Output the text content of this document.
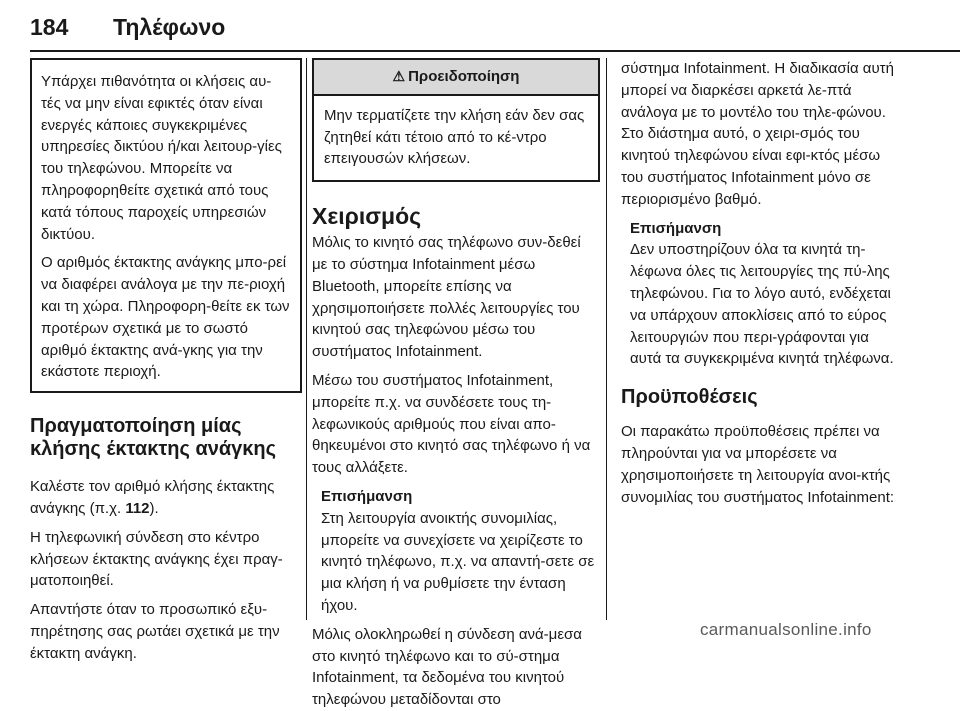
184 Τηλέφωνο

Υπάρχει πιθανότητα οι κλήσεις αυ-τές να μην είναι εφικτές όταν είναι ενεργές κάποιες συγκεκριμένες υπηρεσίες δικτύου ή/και λειτουρ-γίες του τηλεφώνου. Μπορείτε να πληροφορηθείτε σχετικά από τους κατά τόπους παροχείς υπηρεσιών δικτύου.

Ο αριθμός έκτακτης ανάγκης μπο-ρεί να διαφέρει ανάλογα με την πε-ριοχή και τη χώρα. Πληροφορη-θείτε εκ των προτέρων σχετικά με το σωστό αριθμό έκτακτης ανά-γκης για την εκάστοτε περιοχή.

Πραγματοποίηση μίας κλήσης έκτακτης ανάγκης

Καλέστε τον αριθμό κλήσης έκτακτης ανάγκης (π.χ. 112).

Η τηλεφωνική σύνδεση στο κέντρο κλήσεων έκτακτης ανάγκης έχει πραγ-ματοποιηθεί.

Απαντήστε όταν το προσωπικό εξυ-πηρέτησης σας ρωτάει σχετικά με την έκτακτη ανάγκη.

⚠ Προειδοποίηση
Μην τερματίζετε την κλήση εάν δεν σας ζητηθεί κάτι τέτοιο από το κέ-ντρο επειγουσών κλήσεων.
Χειρισμός

Μόλις το κινητό σας τηλέφωνο συν-δεθεί με το σύστημα Infotainment μέσω Bluetooth, μπορείτε επίσης να χρησιμοποιήσετε πολλές λειτουργίες του κινητού σας τηλεφώνου μέσω του συστήματος Infotainment.

Μέσω του συστήματος Infotainment, μπορείτε π.χ. να συνδέσετε τους τη-λεφωνικούς αριθμούς που είναι απο-θηκευμένοι στο κινητό σας τηλέφωνο ή να τους αλλάξετε.

Επισήμανση
Στη λειτουργία ανοικτής συνομιλίας, μπορείτε να συνεχίσετε να χειρίζεστε το κινητό τηλέφωνο, π.χ. να απαντή-σετε σε μια κλήση ή να ρυθμίσετε την ένταση ήχου.

Μόλις ολοκληρωθεί η σύνδεση ανά-μεσα στο κινητό τηλέφωνο και το σύ-στημα Infotainment, τα δεδομένα του κινητού τηλεφώνου μεταδίδονται στο

σύστημα Infotainment. Η διαδικασία αυτή μπορεί να διαρκέσει αρκετά λε-πτά ανάλογα με το μοντέλο του τηλε-φώνου. Στο διάστημα αυτό, ο χειρι-σμός του κινητού τηλεφώνου είναι εφι-κτός μέσω του συστήματος Infotainment μόνο σε περιορισμένο βαθμό.

Επισήμανση
Δεν υποστηρίζουν όλα τα κινητά τη-λέφωνα όλες τις λειτουργίες της πύ-λης τηλεφώνου. Για το λόγο αυτό, ενδέχεται να υπάρχουν αποκλίσεις από το εύρος λειτουργιών που περι-γράφονται για αυτά τα συγκεκριμένα κινητά τηλέφωνα.
Προϋποθέσεις

Οι παρακάτω προϋποθέσεις πρέπει να πληρούνται για να μπορέσετε να χρησιμοποιήσετε τη λειτουργία ανοι-κτής συνομιλίας του συστήματος Infotainment:

carmanualsonline.info
